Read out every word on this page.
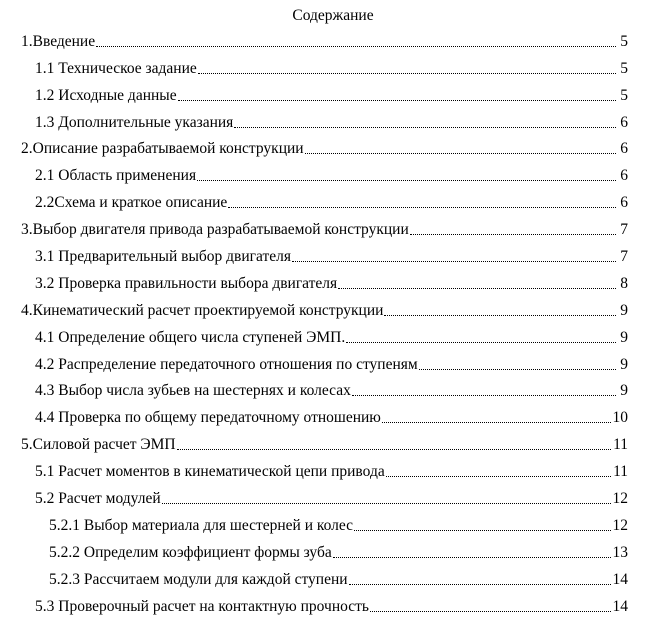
Содержание
1.Введение	5
1.1 Техническое задание	5
1.2 Исходные данные	5
1.3 Дополнительные указания	6
2.Описание разрабатываемой конструкции	6
2.1 Область применения	6
2.2Схема и краткое описание	6
3.Выбор двигателя привода разрабатываемой конструкции	7
3.1 Предварительный выбор двигателя	7
3.2 Проверка правильности выбора двигателя	8
4.Кинематический расчет проектируемой конструкции	9
4.1 Определение общего числа ступеней ЭМП.	9
4.2 Распределение передаточного отношения по ступеням	9
4.3 Выбор числа зубьев на шестернях и колесах	9
4.4 Проверка по общему передаточному отношению	10
5.Силовой расчет ЭМП	11
5.1 Расчет моментов в кинематической цепи привода	11
5.2 Расчет модулей	12
5.2.1 Выбор материала для шестерней и колес	12
5.2.2 Определим коэффициент формы зуба	13
5.2.3 Рассчитаем модули для каждой ступени	14
5.3 Проверочный расчет на контактную прочность	14
